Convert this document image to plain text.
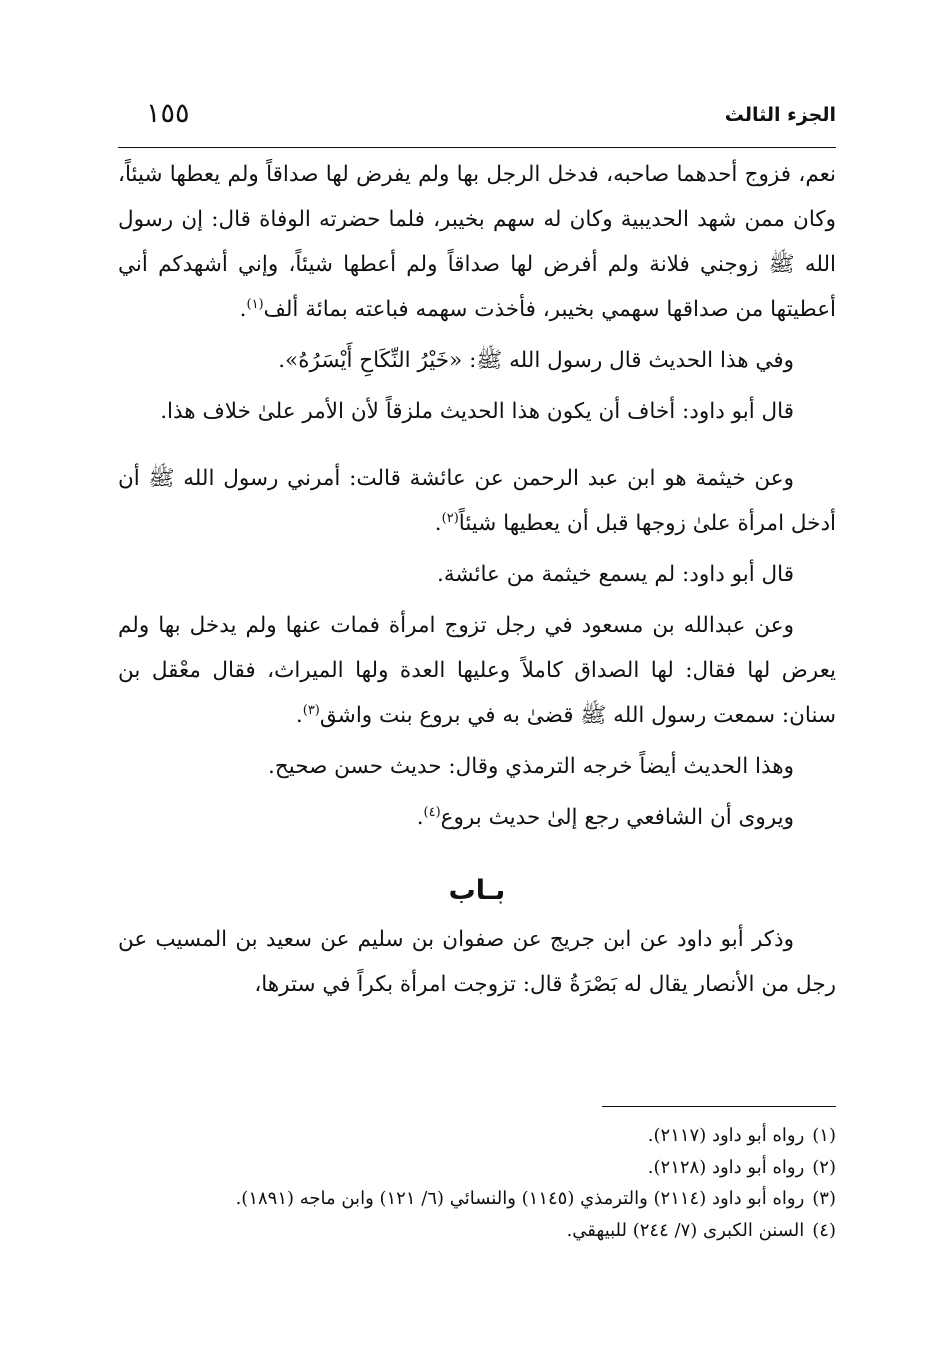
الجزء الثالث
١٥٥

نعم، فزوج أحدهما صاحبه، فدخل الرجل بها ولم يفرض لها صداقاً ولم يعطها شيئاً، وكان ممن شهد الحديبية وكان له سهم بخيبر، فلما حضرته الوفاة قال: إن رسول الله ﷺ زوجني فلانة ولم أفرض لها صداقاً ولم أعطها شيئاً، وإني أشهدكم أني أعطيتها من صداقها سهمي بخيبر، فأخذت سهمه فباعته بمائة ألف$^{(١)}$.

وفي هذا الحديث قال رسول الله ﷺ: «خَيْرُ النِّكَاحِ أَيْسَرُهُ».

قال أبو داود: أخاف أن يكون هذا الحديث ملزقاً لأن الأمر علىٰ خلاف هذا.

وعن خيثمة هو ابن عبد الرحمن عن عائشة قالت: أمرني رسول الله ﷺ أن أدخل امرأة علىٰ زوجها قبل أن يعطيها شيئاً$^{(٢)}$.

قال أبو داود: لم يسمع خيثمة من عائشة.

وعن عبدالله بن مسعود في رجل تزوج امرأة فمات عنها ولم يدخل بها ولم يعرض لها فقال: لها الصداق كاملاً وعليها العدة ولها الميراث، فقال معْقل بن سنان: سمعت رسول الله ﷺ قضىٰ به في بروع بنت واشق$^{(٣)}$.

وهذا الحديث أيضاً خرجه الترمذي وقال: حديث حسن صحيح.

ويروى أن الشافعي رجع إلىٰ حديث بروع$^{(٤)}$.

بـاب

وذكر أبو داود عن ابن جريج عن صفوان بن سليم عن سعيد بن المسيب عن رجل من الأنصار يقال له بَصْرَةُ قال: تزوجت امرأة بكراً في سترها،

(١)رواه أبو داود (٢١١٧).
(٢)رواه أبو داود (٢١٢٨).
(٣)رواه أبو داود (٢١١٤) والترمذي (١١٤٥) والنسائي (٦/ ١٢١) وابن ماجه (١٨٩١).
(٤)السنن الكبرى (٧/ ٢٤٤) للبيهقي.
